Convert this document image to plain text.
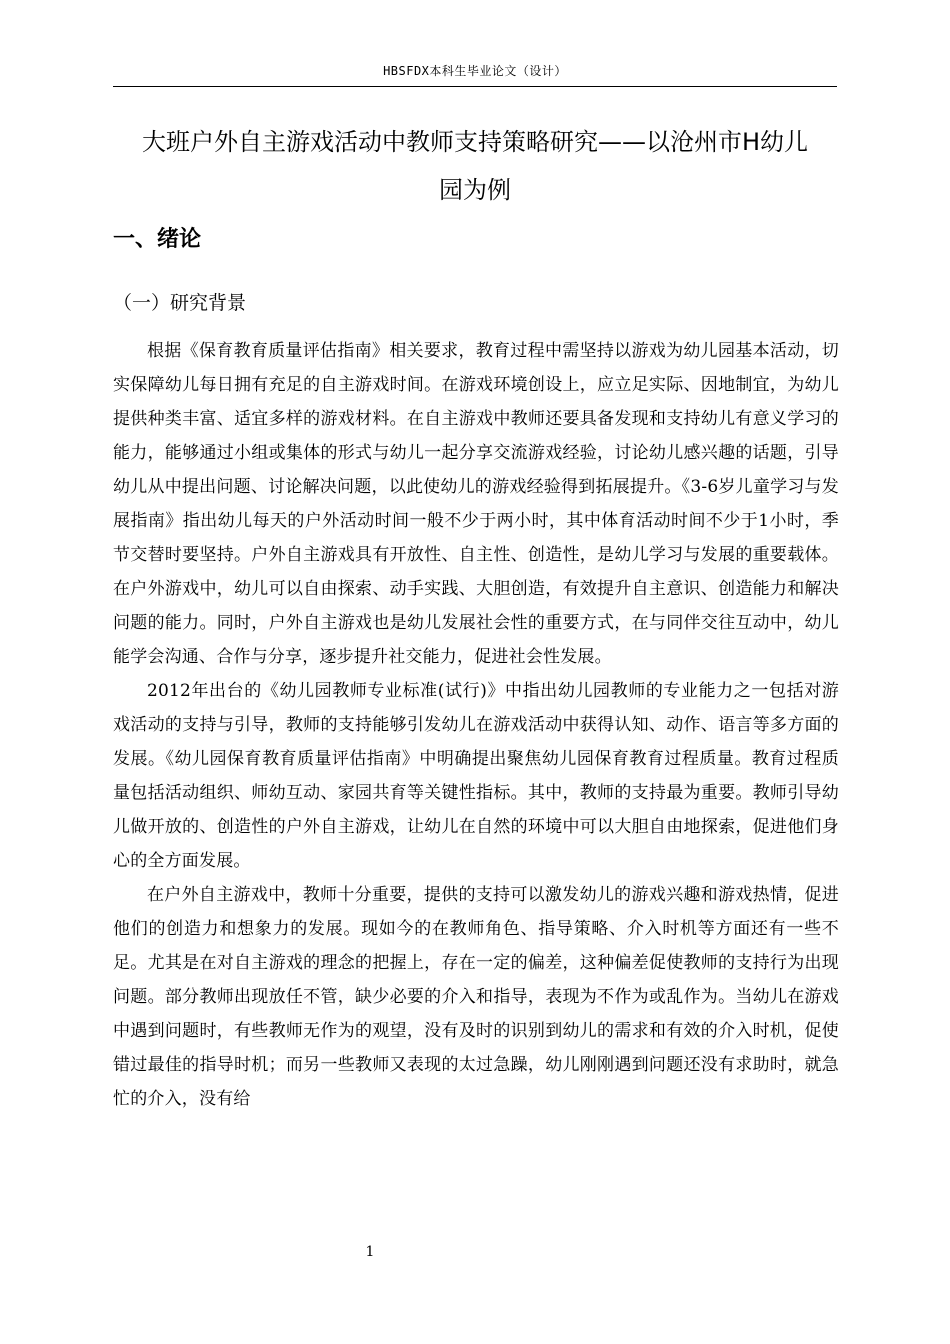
HBSFDX本科生毕业论文（设计）
大班户外自主游戏活动中教师支持策略研究——以沧州市H幼儿
园为例
一、绪论
（一）研究背景

根据《保育教育质量评估指南》相关要求，教育过程中需坚持以游戏为幼儿园基本活动，切实保障幼儿每日拥有充足的自主游戏时间。在游戏环境创设上，应立足实际、因地制宜，为幼儿提供种类丰富、适宜多样的游戏材料。在自主游戏中教师还要具备发现和支持幼儿有意义学习的能力，能够通过小组或集体的形式与幼儿一起分享交流游戏经验，讨论幼儿感兴趣的话题，引导幼儿从中提出问题、讨论解决问题，以此使幼儿的游戏经验得到拓展提升。《3-6岁儿童学习与发展指南》指出幼儿每天的户外活动时间一般不少于两小时，其中体育活动时间不少于1小时，季节交替时要坚持。户外自主游戏具有开放性、自主性、创造性，是幼儿学习与发展的重要载体。在户外游戏中，幼儿可以自由探索、动手实践、大胆创造，有效提升自主意识、创造能力和解决问题的能力。同时，户外自主游戏也是幼儿发展社会性的重要方式，在与同伴交往互动中，幼儿能学会沟通、合作与分享，逐步提升社交能力，促进社会性发展。

2012年出台的《幼儿园教师专业标准(试行)》中指出幼儿园教师的专业能力之一包括对游戏活动的支持与引导，教师的支持能够引发幼儿在游戏活动中获得认知、动作、语言等多方面的发展。《幼儿园保育教育质量评估指南》中明确提出聚焦幼儿园保育教育过程质量。教育过程质量包括活动组织、师幼互动、家园共育等关键性指标。其中，教师的支持最为重要。教师引导幼儿做开放的、创造性的户外自主游戏，让幼儿在自然的环境中可以大胆自由地探索，促进他们身心的全方面发展。

在户外自主游戏中，教师十分重要，提供的支持可以激发幼儿的游戏兴趣和游戏热情，促进他们的创造力和想象力的发展。现如今的在教师角色、指导策略、介入时机等方面还有一些不足。尤其是在对自主游戏的理念的把握上，存在一定的偏差，这种偏差促使教师的支持行为出现问题。部分教师出现放任不管，缺少必要的介入和指导，表现为不作为或乱作为。当幼儿在游戏中遇到问题时，有些教师无作为的观望，没有及时的识别到幼儿的需求和有效的介入时机，促使错过最佳的指导时机；而另一些教师又表现的太过急躁，幼儿刚刚遇到问题还没有求助时，就急忙的介入，没有给

1
